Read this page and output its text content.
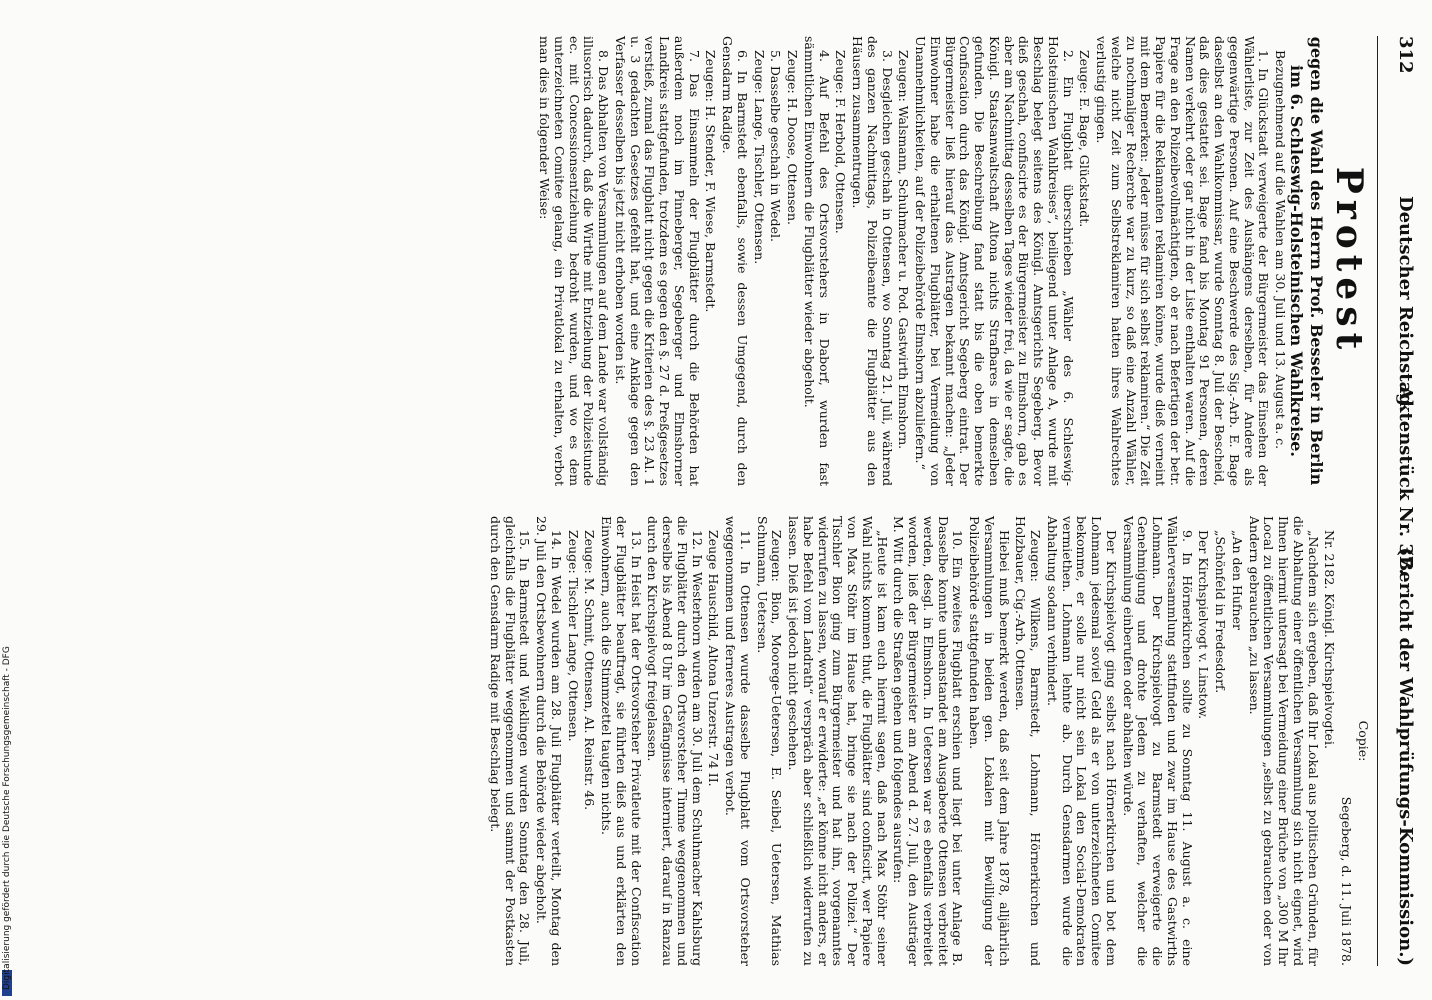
Digitalisierung gefördert durch die Deutsche Forschungsgemeinschaft - DFG
312
Deutscher Reichstag.
Aktenstück Nr. 37.
(Bericht der Wahlprüfungs-Kommission.)
Protest
gegen die Wahl des Herrn Prof. Besseler in Berlin im 6. Schleswig-Holsteinischen Wahlkreise.

Bezugnehmend auf die Wahlen am 30. Juli und 13. August a. c.

1. In Glückstadt verweigerte der Bürgermeister das Einsehen der Wählerliste, zur Zeit des Aushängens derselben, für Andere als gegenwärtige Personen. Auf eine Beschwerde des Sig.-Arb. E. Bage daselbst an den Wahlkommissar, wurde Sonntag 8. Juli der Bescheid, daß dies gestattet sei. Bage fand bis Montag 91 Personen, deren Namen verkehrt oder gar nicht in der Liste enthalten waren. Auf die Frage an den Polizeibevollmächtigten, ob er nach Befertigen der betr. Papiere für die Reklamanten reklamiren könne, wurde dieß verneint mit dem Bemerken: „Jeder müsse für sich selbst reklamiren.“ Die Zeit zu nochmaliger Recherche war zu kurz, so daß eine Anzahl Wähler, welche nicht Zeit zum Selbstreklamiren hatten ihres Wahlrechtes verlustig gingen.

Zeuge: E. Bage, Glückstadt.

2. Ein Flugblatt überschrieben „Wähler des 6. Schleswig-Holsteinischen Wahlkreises“, beiliegend unter Anlage A, wurde mit Beschlag belegt seitens des Königl. Amtsgerichts Segeberg. Bevor dieß geschah, confiscirte es der Bürgermeister zu Elmshorn, gab es aber am Nachmittag desselben Tages wieder frei, da wie er sagte, die Königl. Staatsanwaltschaft Altona nichts Strafbares in demselben gefunden. Die Beschreibung fand statt bis die oben bemerkte Confiscation durch das Königl. Amtsgericht Segeberg eintrat. Der Bürgermeister ließ hierauf das Austragen bekannt machen: „Jeder Einwohner habe die erhaltenen Flugblätter, bei Vermeidung von Unannehmlichkeiten, auf der Polizeibehörde Elmshorn abzuliefern.“

Zeugen: Walsmann, Schuhmacher u. Pod. Gastwirth Elmshorn.

3. Desgleichen geschah in Ottensen, wo Sonntag 21. Juli, während des ganzen Nachmittags, Polizeibeamte die Flugblätter aus den Häusern zusammentrugen.

Zeuge: F. Herbold, Ottensen.

4. Auf Befehl des Ortsvorstehers in Daborf, wurden fast sämmtlichen Einwohnern die Flugblätter wieder abgeholt.

Zeuge: H. Doose, Ottensen.

5. Dasselbe geschah in Wedel.

Zeuge: Lange, Tischler, Ottensen.

6. In Barmstedt ebenfalls, sowie dessen Umgegend, durch den Gensdarm Radige.

Zeugen: H. Stender, F. Wiese, Barmstedt.

7. Das Einsammeln der Flugblätter durch die Behörden hat außerdem noch im Pinneberger, Segeberger und Elmshorner Landkreis stattgefunden, trotzdem es gegen den §. 27 d. Preßgesetzes verstieß, zumal das Flugblatt nicht gegen die Kriterien des §. 23 Al. 1 u. 3 gedachten Gesetzes gefehlt hat, und eine Anklage gegen den Verfasser desselben bis jetzt nicht erhoben worden ist.

8. Das Abhalten von Versammlungen auf dem Lande war vollständig illusorisch dadurch, daß die Wirthe mit Entziehung der Polizeistunde ec. mit Concessionsentziehung bedroht wurden, und wo es dem unterzeichneten Comitee gelang, ein Privatlokal zu erhalten, verbot man dies in folgender Weise:

Copie:

Segeberg, d. 11. Juli 1878.

Nr. 2182. Königl. Kirchspielvogtei.

„Nachdem sich ergeben, daß Ihr Lokal aus politischen Gründen, für die Abhaltung einer öffentlichen Versammlung sich nicht eignet, wird Ihnen hiermit untersagt bei Vermeidung einer Brüche von „300 M Ihr Local zu öffentlichen Versammlungen „selbst zu gebrauchen oder von Andern gebrauchen „zu lassen.

„An den Hufner

„Schönfeld in Fredesdorf.

Der Kirchspielvogt v. Linstow.

9. In Hörnerkirchen sollte zu Sonntag 11. August a. c. eine Wählerversammlung stattfinden und zwar im Hause des Gastwirths Lohmann. Der Kirchspielvogt zu Barmstedt verweigerte die Genehmigung und drohte Jedem zu verhaften, welcher die Versammlung einberufen oder abhalten würde.

Der Kirchspielvogt ging selbst nach Hörnerkirchen und bot dem Lohmann jedesmal soviel Geld als er von unterzeichneten Comitee bekomme, er solle nur nicht sein Lokal den Social-Demokraten vermiethen. Lohmann lehnte ab. Durch Gensdarmen wurde die Abhaltung sodann verhindert.

Zeugen: Wilkens, Barmstedt, Lohmann, Hörnerkirchen und Holzbauer, Cig.-Arb. Ottensen.

Hiebei muß bemerkt werden, daß seit dem Jahre 1878, alljährlich Versammlungen in beiden gen. Lokalen mit Bewilligung der Polizeibehörde stattgefunden haben.

10. Ein zweites Flugblatt erschien und liegt bei unter Anlage B. Dasselbe konnte unbeanstandet am Ausgabeorte Ottensen verbreitet werden, desgl. in Elmshorn. In Uetersen war es ebenfalls verbreitet worden, ließ der Bürgermeister am Abend d. 27. Juli, den Austräger M. Witt durch die Straßen gehen und folgendes ausrufen:

„Heute ist kam euch hiermit sagen, daß nach Max Stöhr seiner Wahl nichts kommen thut, die Flugblätter sind confiscirt, wer Papiere von Max Stöhr im Hause hat, bringe sie nach der Polizei.“ Der Tischler Bion ging zum Bürgermeister und hat ihn, vorgenanntes widerrufen zu lassen, worauf er erwiderte: „er könne nicht anders, er habe Befehl vom Landrath“ verspräch aber schließlich widerrufen zu lassen. Dieß ist jedoch nicht geschehen.

Zeugen: Bion, Moorege-Uetersen, E. Seibel, Uetersen, Mathias Schumann, Uetersen.

11. In Ottensen wurde dasselbe Flugblatt vom Ortsvorsteher weggenommen und ferneres Austragen verbot.

Zeuge Hauschild, Altona Unzerstr. 74 II.

12. In Westerhorn wurden am 30. Juli dem Schuhmacher Kahlsburg die Flugblätter durch den Ortsvorsteher Timme weggenommen und derselbe bis Abend 8 Uhr im Gefängnisse interniert, darauf in Ranzau durch den Kirchspielvogt freigelassen.

13. In Heist hat der Ortsvorsteher Privatleute mit der Confiscation der Flugblätter beauftragt, sie führten dieß aus und erklärten den Einwohnern, auch die Stimmzettel taugten nichts.

Zeuge: M. Schmit, Ottensen, Al. Reinstr. 46.

Zeuge: Tischler Lange, Ottensen.

14. In Wedel wurden am 28. Juli Flugblätter verteilt, Montag den 29. Juli den Ortsbewohnern durch die Behörde wieder abgeholt.

15. In Barmstedt und Wieklingen wurden Sonntag den 28. Juli, gleichfalls die Flugblätter weggenommen und sammt der Postkasten durch den Gensdarm Radige mit Beschlag belegt.
